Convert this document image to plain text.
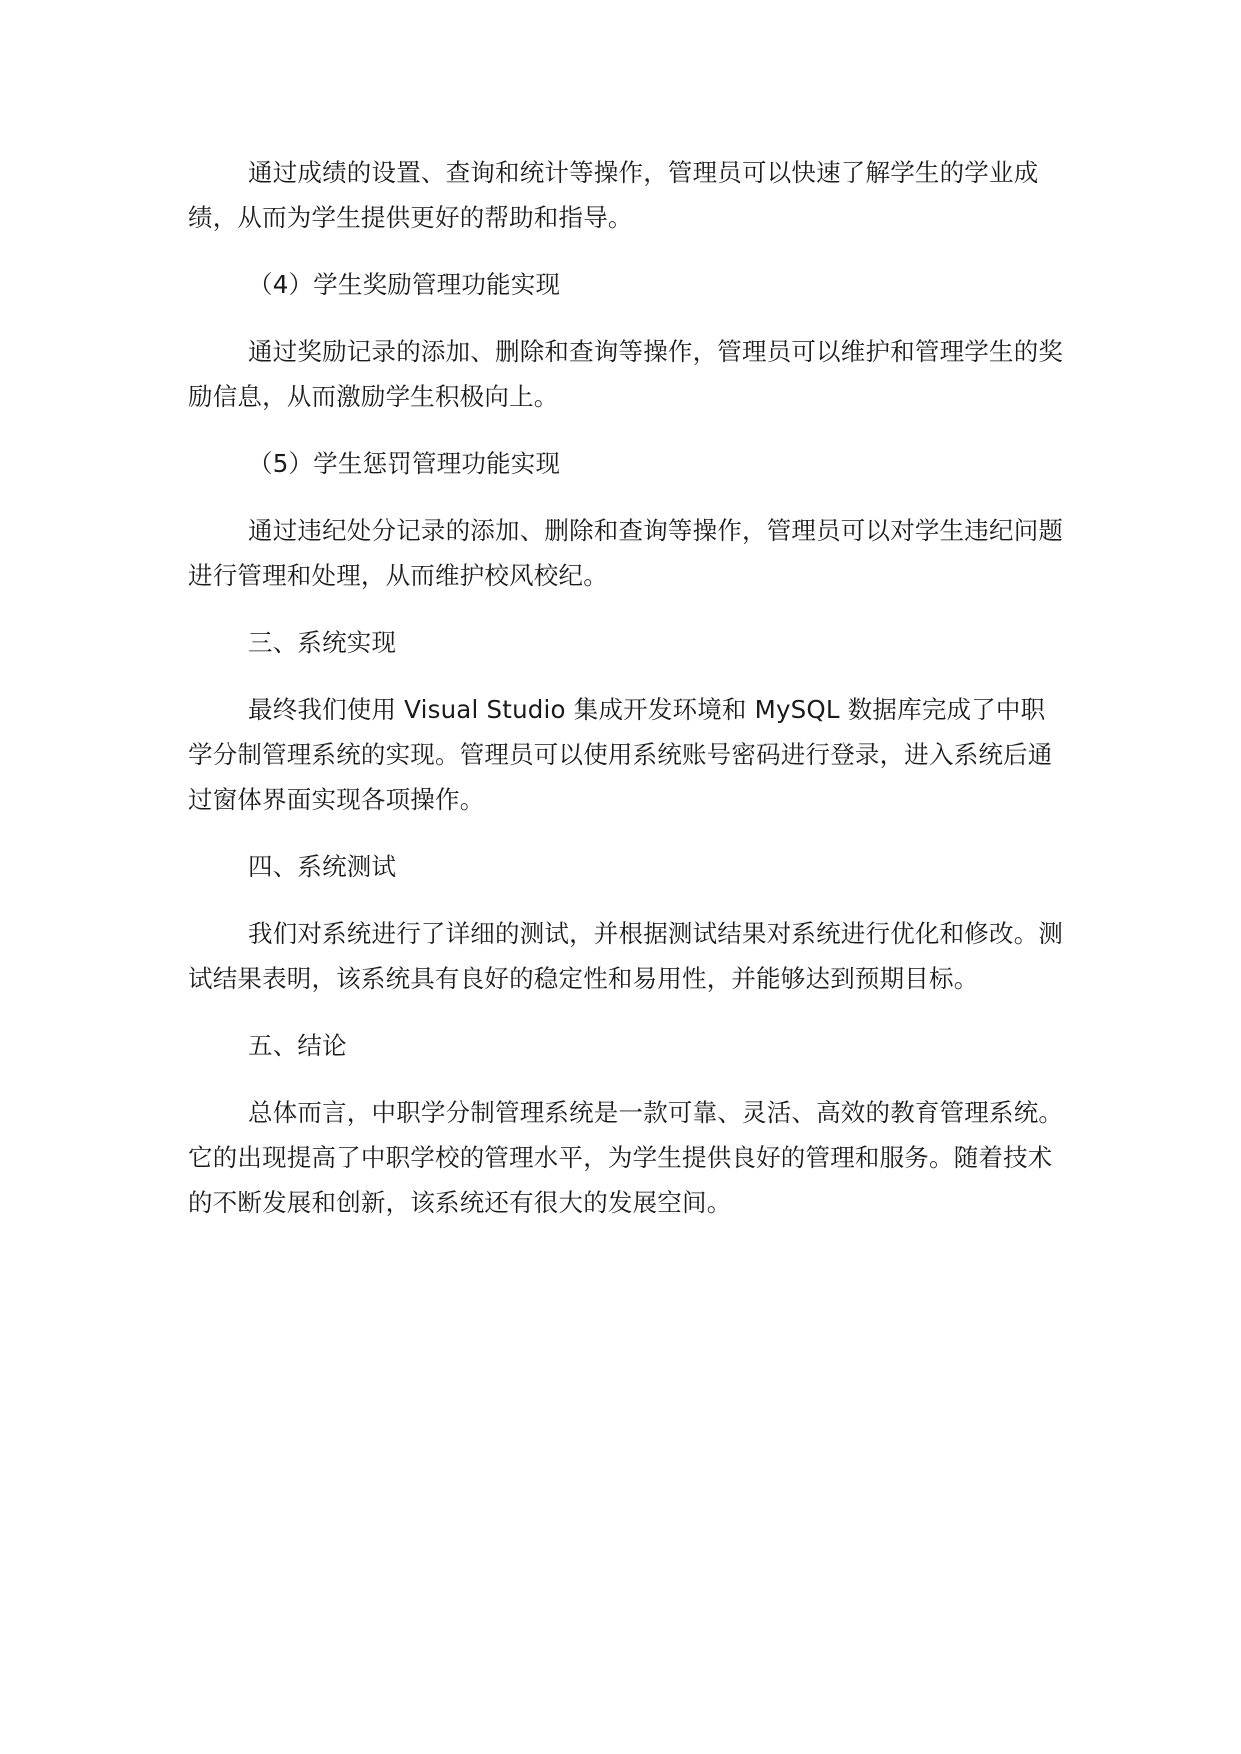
通过成绩的设置、查询和统计等操作，管理员可以快速了解学生的学业成绩，从而为学生提供更好的帮助和指导。

（4）学生奖励管理功能实现

通过奖励记录的添加、删除和查询等操作，管理员可以维护和管理学生的奖励信息，从而激励学生积极向上。

（5）学生惩罚管理功能实现

通过违纪处分记录的添加、删除和查询等操作，管理员可以对学生违纪问题进行管理和处理，从而维护校风校纪。

三、系统实现

最终我们使用 Visual Studio 集成开发环境和 MySQL 数据库完成了中职学分制管理系统的实现。管理员可以使用系统账号密码进行登录，进入系统后通过窗体界面实现各项操作。

四、系统测试

我们对系统进行了详细的测试，并根据测试结果对系统进行优化和修改。测试结果表明，该系统具有良好的稳定性和易用性，并能够达到预期目标。

五、结论

总体而言，中职学分制管理系统是一款可靠、灵活、高效的教育管理系统。它的出现提高了中职学校的管理水平，为学生提供良好的管理和服务。随着技术的不断发展和创新，该系统还有很大的发展空间。
